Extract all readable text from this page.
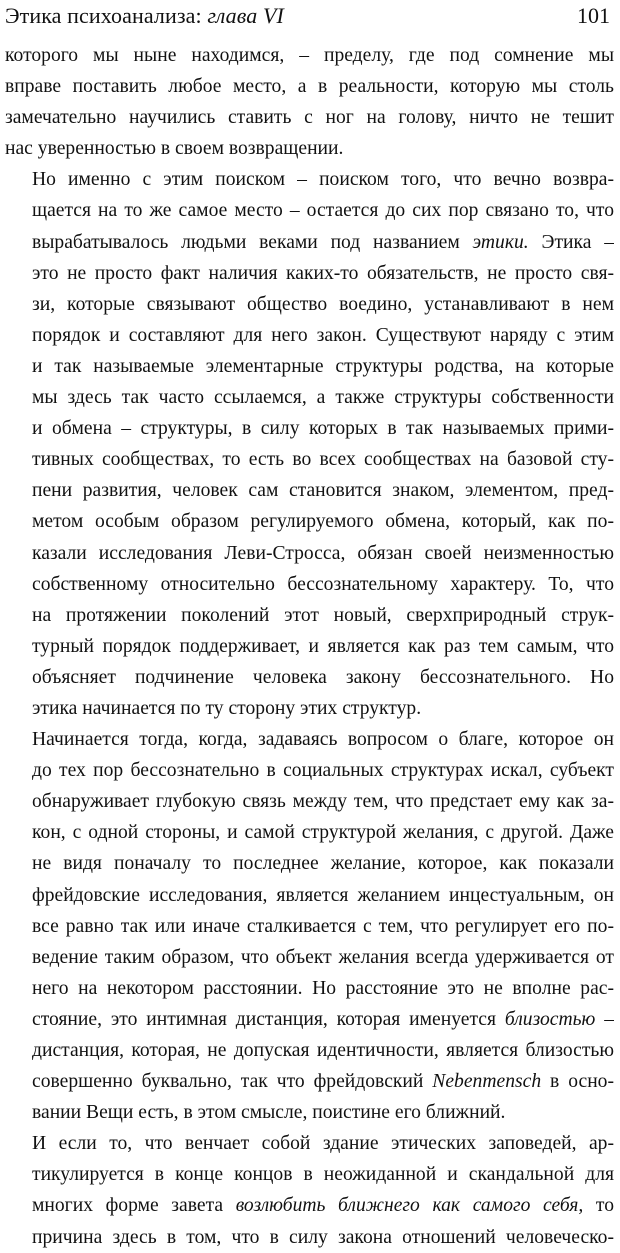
Этика психоанализа: глава VI	101

которого мы ныне находимся, – пределу, где под сомнение мы
вправе поставить любое место, а в реальности, которую мы столь
замечательно научились ставить с ног на голову, ничто не тешит
нас уверенностью в своем возвращении.

Но именно с этим поиском – поиском того, что вечно возвра-
щается на то же самое место – остается до сих пор связано то, что
вырабатывалось людьми веками под названием этики. Этика –
это не просто факт наличия каких-то обязательств, не просто свя-
зи, которые связывают общество воедино, устанавливают в нем
порядок и составляют для него закон. Существуют наряду с этим
и так называемые элементарные структуры родства, на которые
мы здесь так часто ссылаемся, а также структуры собственности
и обмена – структуры, в силу которых в так называемых прими-
тивных сообществах, то есть во всех сообществах на базовой сту-
пени развития, человек сам становится знаком, элементом, пред-
метом особым образом регулируемого обмена, который, как по-
казали исследования Леви-Стросса, обязан своей неизменностью
собственному относительно бессознательному характеру. То, что
на протяжении поколений этот новый, сверхприродный струк-
турный порядок поддерживает, и является как раз тем самым, что
объясняет подчинение человека закону бессознательного. Но
этика начинается по ту сторону этих структур.

Начинается тогда, когда, задаваясь вопросом о благе, которое он
до тех пор бессознательно в социальных структурах искал, субъект
обнаруживает глубокую связь между тем, что предстает ему как за-
кон, с одной стороны, и самой структурой желания, с другой. Даже
не видя поначалу то последнее желание, которое, как показали
фрейдовские исследования, является желанием инцестуальным, он
все равно так или иначе сталкивается с тем, что регулирует его по-
ведение таким образом, что объект желания всегда удерживается от
него на некотором расстоянии. Но расстояние это не вполне рас-
стояние, это интимная дистанция, которая именуется близостью –
дистанция, которая, не допуская идентичности, является близостью
совершенно буквально, так что фрейдовский Nebenmensch в осно-
вании Вещи есть, в этом смысле, поистине его ближний.

И если то, что венчает собой здание этических заповедей, ар-
тикулируется в конце концов в неожиданной и скандальной для
многих форме завета возлюбить ближнего как самого себя, то
причина здесь в том, что в силу закона отношений человеческо-
